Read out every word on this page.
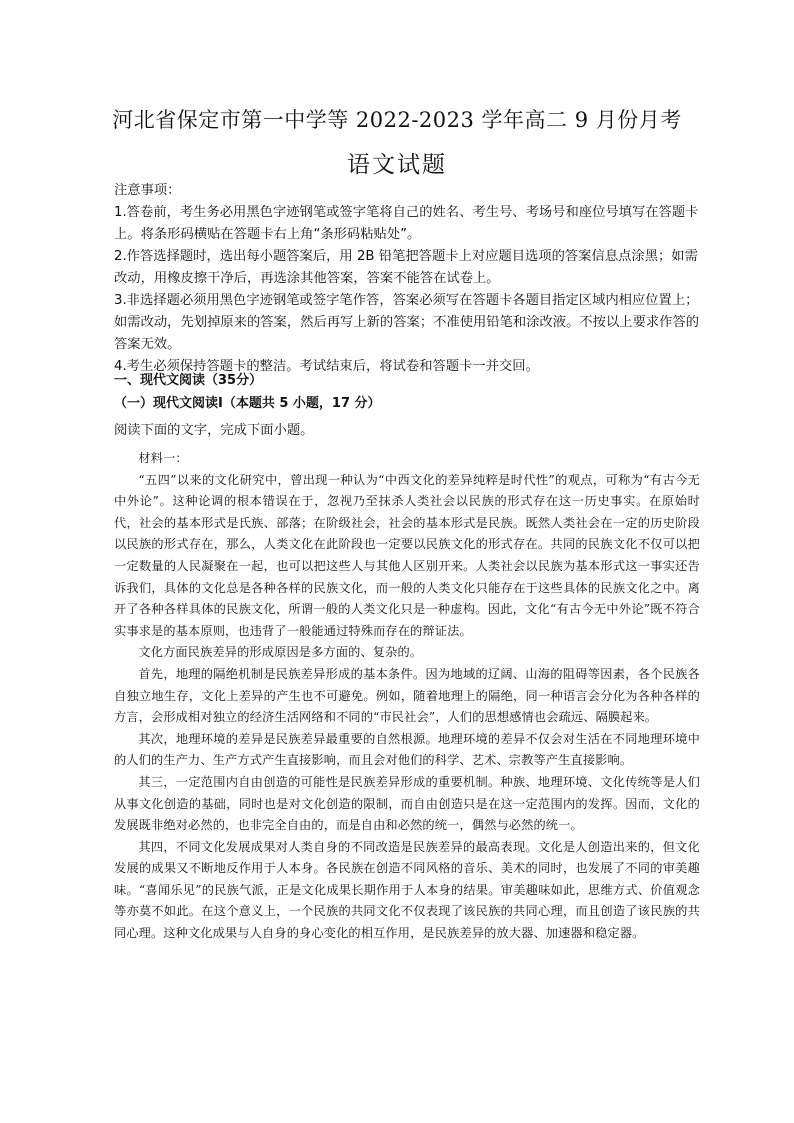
河北省保定市第一中学等 2022-2023 学年高二 9 月份月考
语文试题

注意事项：

1.答卷前，考生务必用黑色字迹钢笔或签字笔将自己的姓名、考生号、考场号和座位号填写在答题卡上。将条形码横贴在答题卡右上角“条形码粘贴处”。

2.作答选择题时，选出每小题答案后，用 2B 铅笔把答题卡上对应题目选项的答案信息点涂黑；如需改动，用橡皮擦干净后，再选涂其他答案，答案不能答在试卷上。

3.非选择题必须用黑色字迹钢笔或签字笔作答，答案必须写在答题卡各题目指定区域内相应位置上；如需改动，先划掉原来的答案，然后再写上新的答案；不准使用铅笔和涂改液。不按以上要求作答的答案无效。

4.考生必须保持答题卡的整洁。考试结束后，将试卷和答题卡一并交回。

一、现代文阅读（35分）
（一）现代文阅读Ⅰ（本题共 5 小题，17 分）
阅读下面的文字，完成下面小题。

材料一：

“五四”以来的文化研究中，曾出现一种认为“中西文化的差异纯粹是时代性”的观点，可称为“有古今无中外论”。这种论调的根本错误在于，忽视乃至抹杀人类社会以民族的形式存在这一历史事实。在原始时代，社会的基本形式是氏族、部落；在阶级社会，社会的基本形式是民族。既然人类社会在一定的历史阶段以民族的形式存在，那么，人类文化在此阶段也一定要以民族文化的形式存在。共同的民族文化不仅可以把一定数量的人民凝聚在一起，也可以把这些人与其他人区别开来。人类社会以民族为基本形式这一事实还告诉我们，具体的文化总是各种各样的民族文化，而一般的人类文化只能存在于这些具体的民族文化之中。离开了各种各样具体的民族文化，所谓一般的人类文化只是一种虚构。因此，文化“有古今无中外论”既不符合实事求是的基本原则，也违背了一般能通过特殊而存在的辩证法。

文化方面民族差异的形成原因是多方面的、复杂的。

首先，地理的隔绝机制是民族差异形成的基本条件。因为地域的辽阔、山海的阻碍等因素，各个民族各自独立地生存，文化上差异的产生也不可避免。例如，随着地理上的隔绝，同一种语言会分化为各种各样的方言，会形成相对独立的经济生活网络和不同的“市民社会”，人们的思想感情也会疏远、隔膜起来。

其次，地理环境的差异是民族差异最重要的自然根源。地理环境的差异不仅会对生活在不同地理环境中的人们的生产力、生产方式产生直接影响，而且会对他们的科学、艺术、宗教等产生直接影响。

其三，一定范围内自由创造的可能性是民族差异形成的重要机制。种族、地理环境、文化传统等是人们从事文化创造的基础，同时也是对文化创造的限制，而自由创造只是在这一定范围内的发挥。因而，文化的发展既非绝对必然的，也非完全自由的，而是自由和必然的统一，偶然与必然的统一。

其四，不同文化发展成果对人类自身的不同改造是民族差异的最高表现。文化是人创造出来的，但文化发展的成果又不断地反作用于人本身。各民族在创造不同风格的音乐、美术的同时，也发展了不同的审美趣味。“喜闻乐见”的民族气派，正是文化成果长期作用于人本身的结果。审美趣味如此，思维方式、价值观念等亦莫不如此。在这个意义上，一个民族的共同文化不仅表现了该民族的共同心理，而且创造了该民族的共同心理。这种文化成果与人自身的身心变化的相互作用，是民族差异的放大器、加速器和稳定器。
